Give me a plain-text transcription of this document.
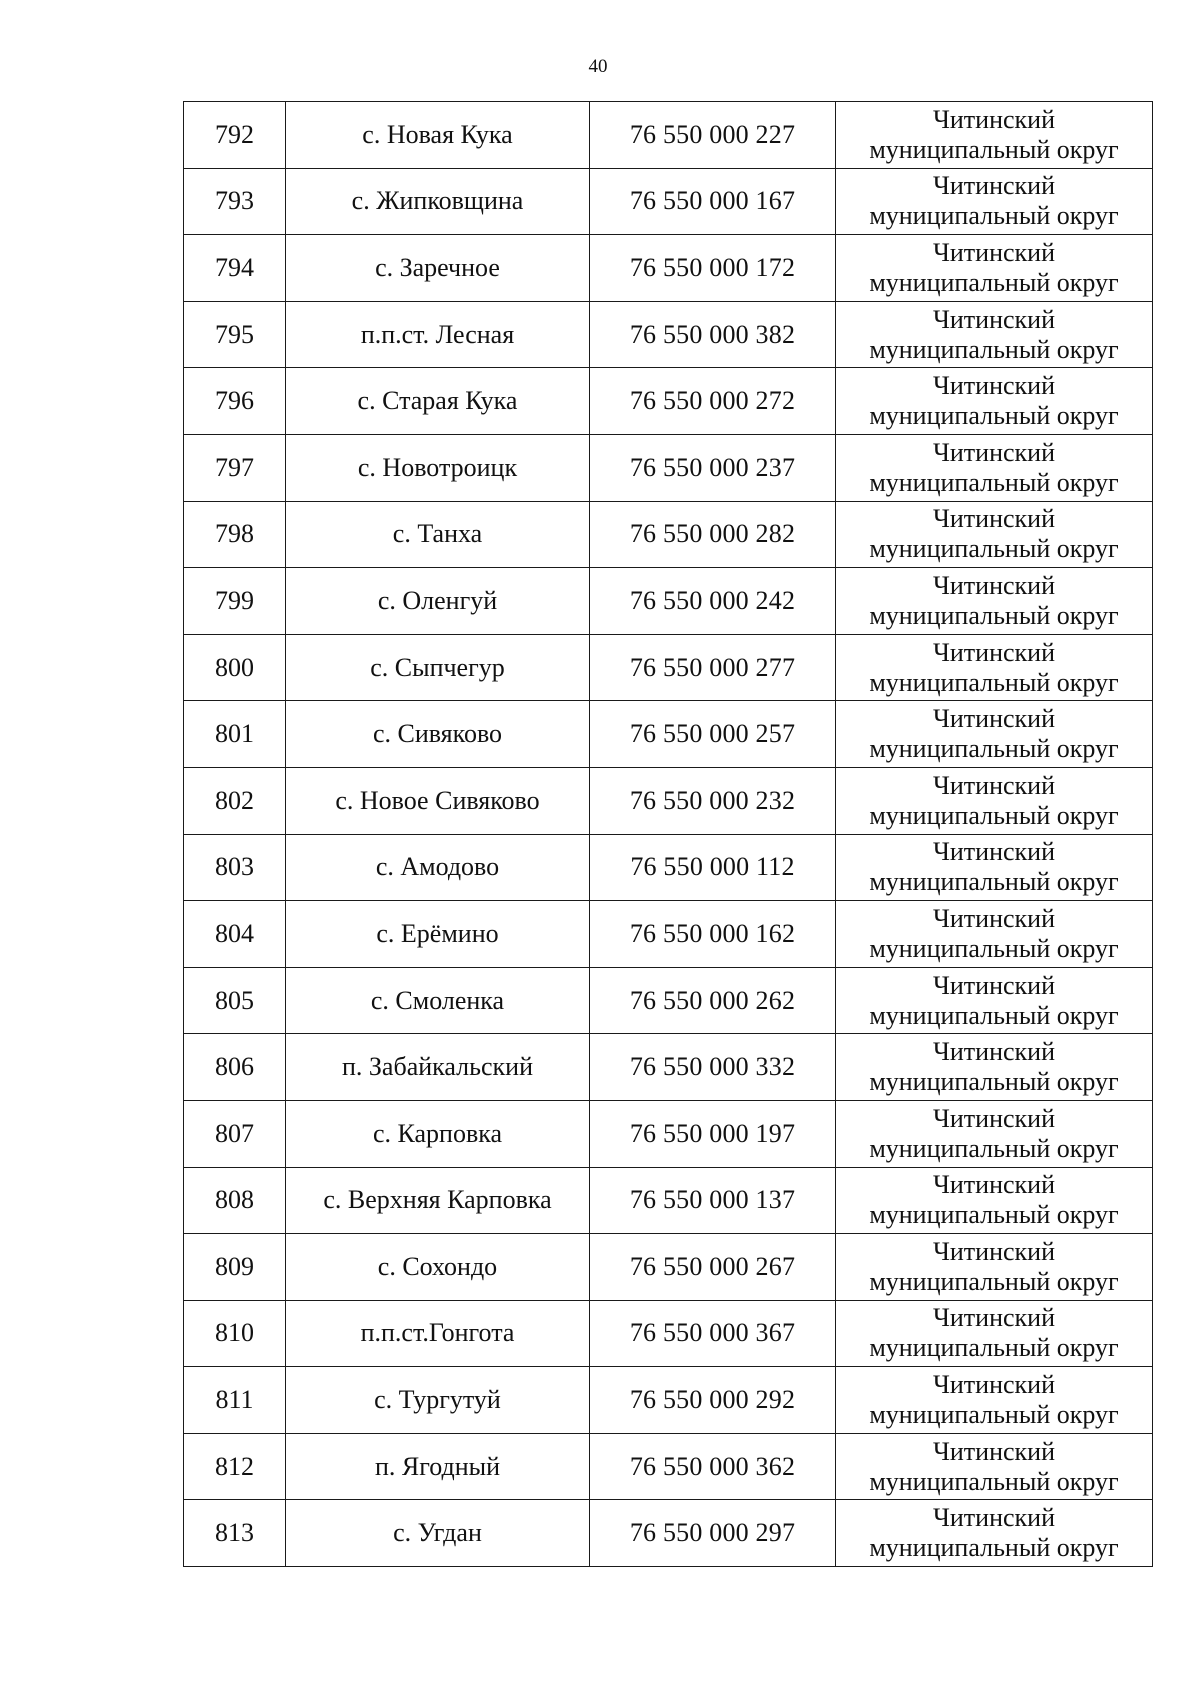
40
792	с. Новая Кука	76 550 000 227	Читинский
муниципальный округ

793	с. Жипковщина	76 550 000 167	Читинский
муниципальный округ

794	с. Заречное	76 550 000 172	Читинский
муниципальный округ

795	п.п.ст. Лесная	76 550 000 382	Читинский
муниципальный округ

796	с. Старая Кука	76 550 000 272	Читинский
муниципальный округ

797	с. Новотроицк	76 550 000 237	Читинский
муниципальный округ

798	с. Танха	76 550 000 282	Читинский
муниципальный округ

799	с. Оленгуй	76 550 000 242	Читинский
муниципальный округ

800	с. Сыпчегур	76 550 000 277	Читинский
муниципальный округ

801	с. Сивяково	76 550 000 257	Читинский
муниципальный округ

802	с. Новое Сивяково	76 550 000 232	Читинский
муниципальный округ

803	с. Амодово	76 550 000 112	Читинский
муниципальный округ

804	с. Ерёмино	76 550 000 162	Читинский
муниципальный округ

805	с. Смоленка	76 550 000 262	Читинский
муниципальный округ

806	п. Забайкальский	76 550 000 332	Читинский
муниципальный округ

807	с. Карповка	76 550 000 197	Читинский
муниципальный округ

808	с. Верхняя Карповка	76 550 000 137	Читинский
муниципальный округ

809	с. Сохондо	76 550 000 267	Читинский
муниципальный округ

810	п.п.ст.Гонгота	76 550 000 367	Читинский
муниципальный округ

811	с. Тургутуй	76 550 000 292	Читинский
муниципальный округ

812	п. Ягодный	76 550 000 362	Читинский
муниципальный округ

813	с. Угдан	76 550 000 297	Читинский
муниципальный округ
